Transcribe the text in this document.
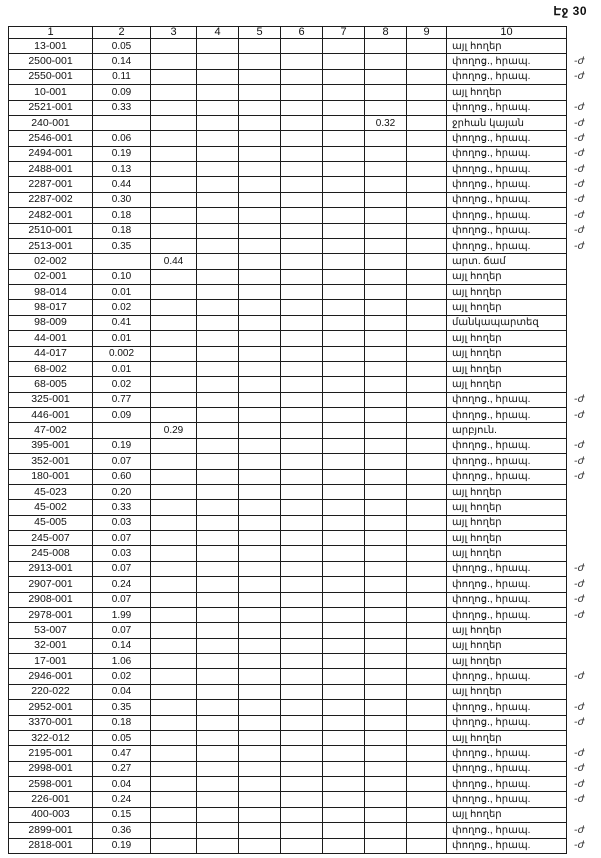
Էջ 30
1	2	3	4	5	6	7	8	9	10	
13-001	0.05								այլ հողեր	
2500-001	0.14								փողոց., հրապ.	-ժ
2550-001	0.11								փողոց., հրապ.	-ժ
10-001	0.09								այլ հողեր	
2521-001	0.33								փողոց., հրապ.	-ժ
240-001							0.32		ջրհան կայան	-ժ
2546-001	0.06								փողոց., հրապ.	-ժ
2494-001	0.19								փողոց., հրապ.	-ժ
2488-001	0.13								փողոց., հրապ.	-ժ
2287-001	0.44								փողոց., հրապ.	-ժ
2287-002	0.30								փողոց., հրապ.	-ժ
2482-001	0.18								փողոց., հրապ.	-ժ
2510-001	0.18								փողոց., հրապ.	-ժ
2513-001	0.35								փողոց., հրապ.	-ժ
02-002		0.44							արտ. ճամ	
02-001	0.10								այլ հողեր	
98-014	0.01								այլ հողեր	
98-017	0.02								այլ հողեր	
98-009	0.41								մանկապարտեզ	
44-001	0.01								այլ հողեր	
44-017	0.002								այլ հողեր	
68-002	0.01								այլ հողեր	
68-005	0.02								այլ հողեր	
325-001	0.77								փողոց., հրապ.	-ժ
446-001	0.09								փողոց., հրապ.	-ժ
47-002		0.29							արբյուն.	
395-001	0.19								փողոց., հրապ.	-ժ
352-001	0.07								փողոց., հրապ.	-ժ
180-001	0.60								փողոց., հրապ.	-ժ
45-023	0.20								այլ հողեր	
45-002	0.33								այլ հողեր	
45-005	0.03								այլ հողեր	
245-007	0.07								այլ հողեր	
245-008	0.03								այլ հողեր	
2913-001	0.07								փողոց., հրապ.	-ժ
2907-001	0.24								փողոց., հրապ.	-ժ
2908-001	0.07								փողոց., հրապ.	-ժ
2978-001	1.99								փողոց., հրապ.	-ժ
53-007	0.07								այլ հողեր	
32-001	0.14								այլ հողեր	
17-001	1.06								այլ հողեր	
2946-001	0.02								փողոց., հրապ.	-ժ
220-022	0.04								այլ հողեր	
2952-001	0.35								փողոց., հրապ.	-ժ
3370-001	0.18								փողոց., հրապ.	-ժ
322-012	0.05								այլ հողեր	
2195-001	0.47								փողոց., հրապ.	-ժ
2998-001	0.27								փողոց., հրապ.	-ժ
2598-001	0.04								փողոց., հրապ.	-ժ
226-001	0.24								փողոց., հրապ.	-ժ
400-003	0.15								այլ հողեր	
2899-001	0.36								փողոց., հրապ.	-ժ
2818-001	0.19								փողոց., հրապ.	-ժ
